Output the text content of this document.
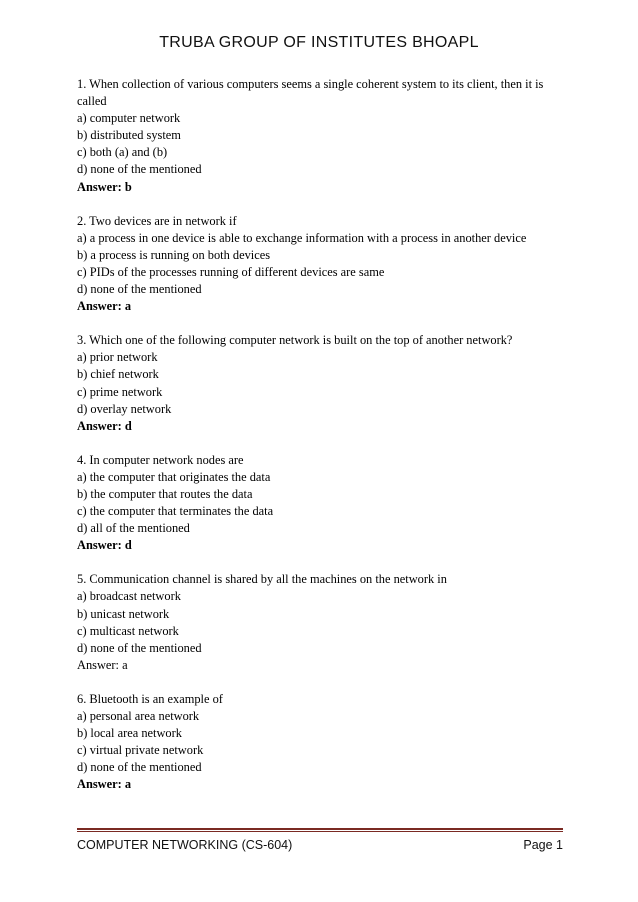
TRUBA GROUP OF INSTITUTES BHOAPL
1. When collection of various computers seems a single coherent system to its client, then it is called
a) computer network
b) distributed system
c) both (a) and (b)
d) none of the mentioned
Answer: b
2. Two devices are in network if
a) a process in one device is able to exchange information with a process in another device
b) a process is running on both devices
c) PIDs of the processes running of different devices are same
d) none of the mentioned
Answer: a
3. Which one of the following computer network is built on the top of another network?
a) prior network
b) chief network
c) prime network
d) overlay network
Answer: d
4. In computer network nodes are
a) the computer that originates the data
b) the computer that routes the data
c) the computer that terminates the data
d) all of the mentioned
Answer: d
5. Communication channel is shared by all the machines on the network in
a) broadcast network
b) unicast network
c) multicast network
d) none of the mentioned
Answer: a
6. Bluetooth is an example of
a) personal area network
b) local area network
c) virtual private network
d) none of the mentioned
Answer: a
COMPUTER NETWORKING (CS-604)	Page 1
